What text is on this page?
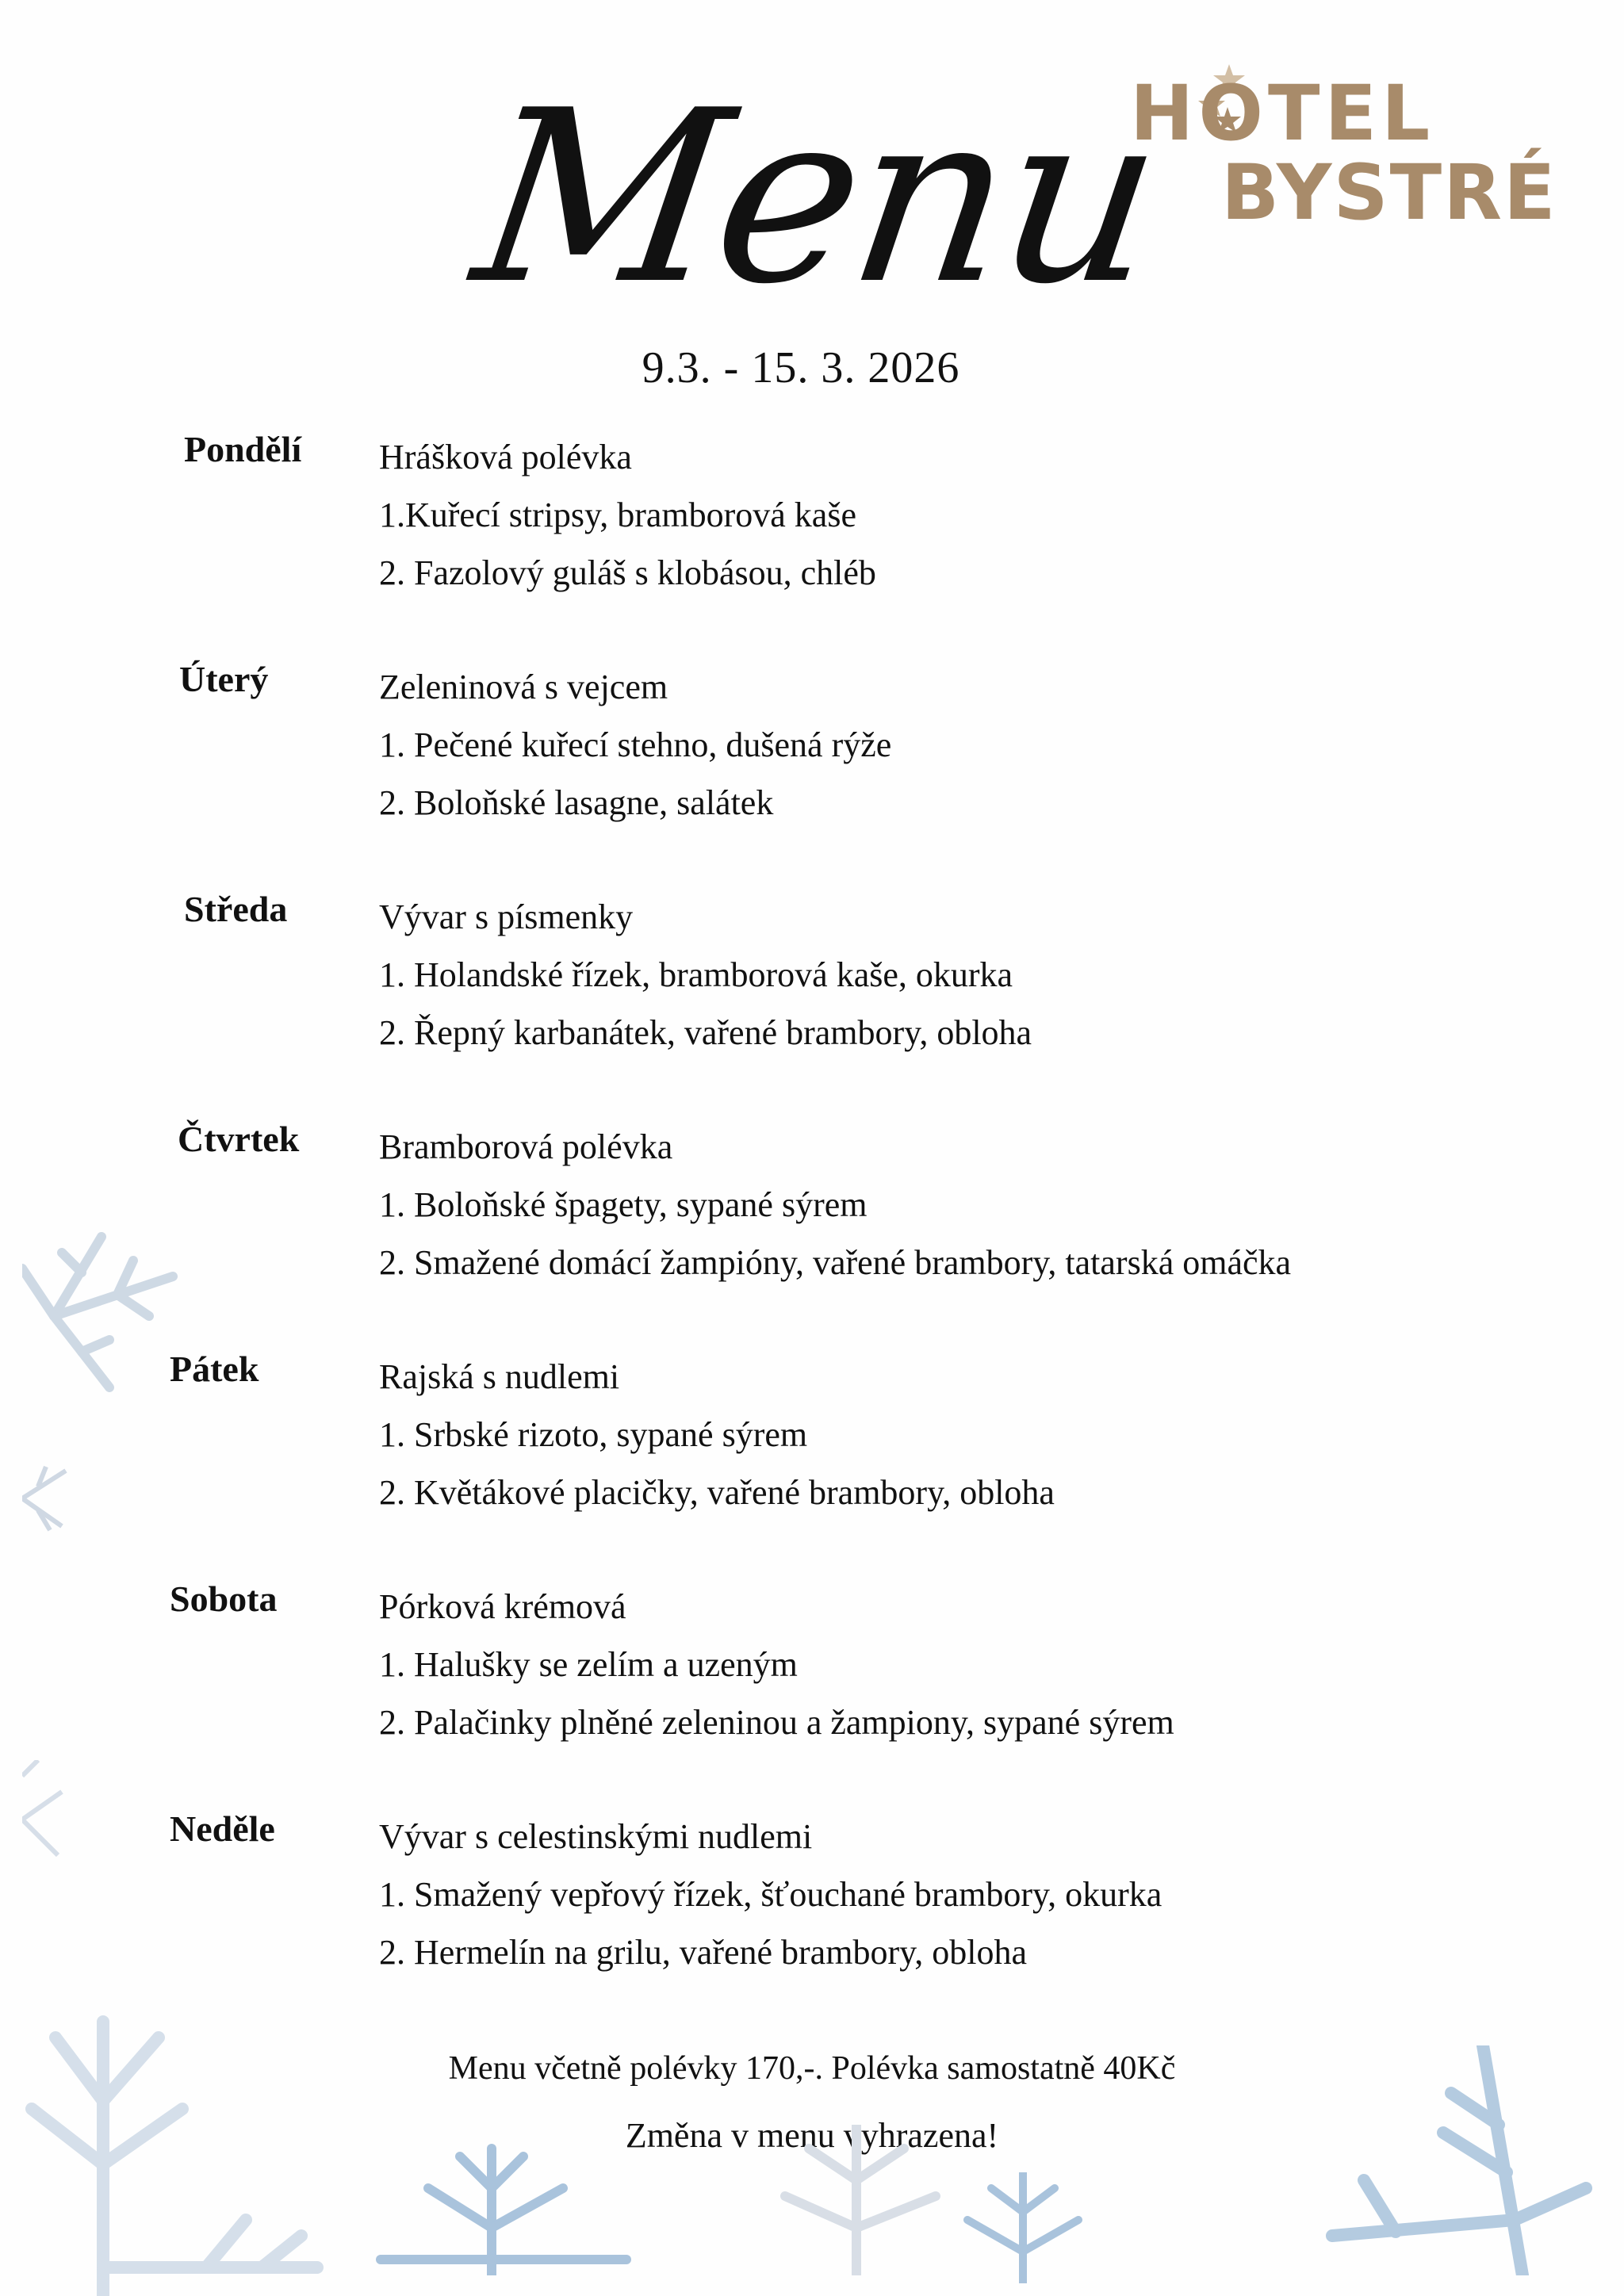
HOTEL
BYSTRÉ
Menu
9.3. - 15. 3. 2026
Pondělí Hrášková polévka
1.Kuřecí stripsy, bramborová kaše
2. Fazolový guláš s klobásou, chléb
Úterý	Zeleninová s vejcem
1. Pečené kuřecí stehno, dušená rýže
2. Boloňské lasagne, salátek
Středa	Vývar s písmenky
1. Holandské řízek, bramborová kaše, okurka
2. Řepný karbanátek, vařené brambory, obloha
Čtvrtek Bramborová polévka
1. Boloňské špagety, sypané sýrem
2. Smažené domácí žampióny, vařené brambory, tatarská omáčka
Pátek	Rajská s nudlemi
1. Srbské rizoto, sypané sýrem
2. Květákové placičky, vařené brambory, obloha
Sobota	Pórková krémová
1. Halušky se zelím a uzeným
2. Palačinky plněné zeleninou a žampiony, sypané sýrem
Neděle	Vývar s celestinskými nudlemi
1. Smažený vepřový řízek, šťouchané brambory, okurka
2. Hermelín na grilu, vařené brambory, obloha
Menu včetně polévky 170,-. Polévka samostatně 40Kč
Změna v menu vyhrazena!
